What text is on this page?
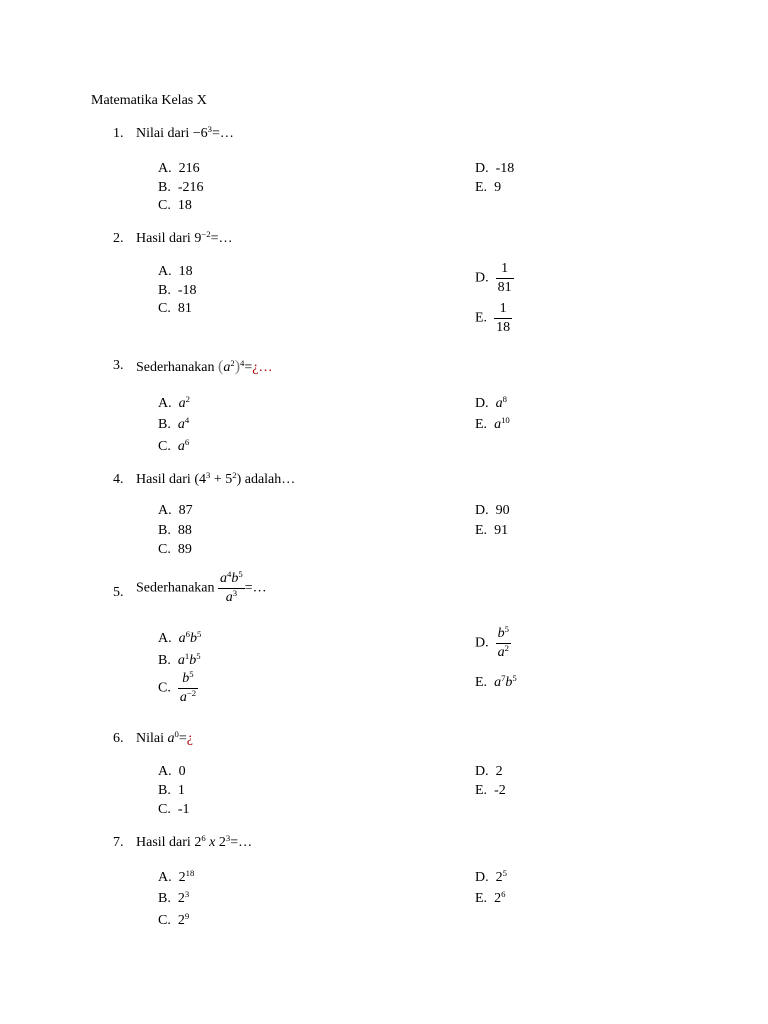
Matematika Kelas X
1. Nilai dari $-6^3=\dots$
A. 216
B. -216
C. 18
D. -18
E. 9
2. Hasil dari $9^{-2}=\dots$
A. 18
B. -18
C. 81
D. $\frac{1}{81}$
E. $\frac{1}{18}$
3. Sederhanakan $(a^2)^4=¿\dots$
A. $a^2$
B. $a^4$
C. $a^6$
D. $a^8$
E. $a^{10}$
4. Hasil dari $(4^3 + 5^2)$ adalah…
A. 87
B. 88
C. 89
D. 90
E. 91
5. Sederhanakan $\frac{a^4b^5}{a^3}$ =…
A. $a^6b^5$
B. $a^1b^5$
C. $\frac{b^5}{a^{-2}}$
D. $\frac{b^5}{a^2}$
E. $a^7b^5$
6. Nilai $a^0=¿$
A. 0
B. 1
C. -1
D. 2
E. -2
7. Hasil dari $2^6$ x $2^3=\dots$
A. $2^{18}$
B. $2^3$
C. $2^9$
D. $2^5$
E. $2^6$
